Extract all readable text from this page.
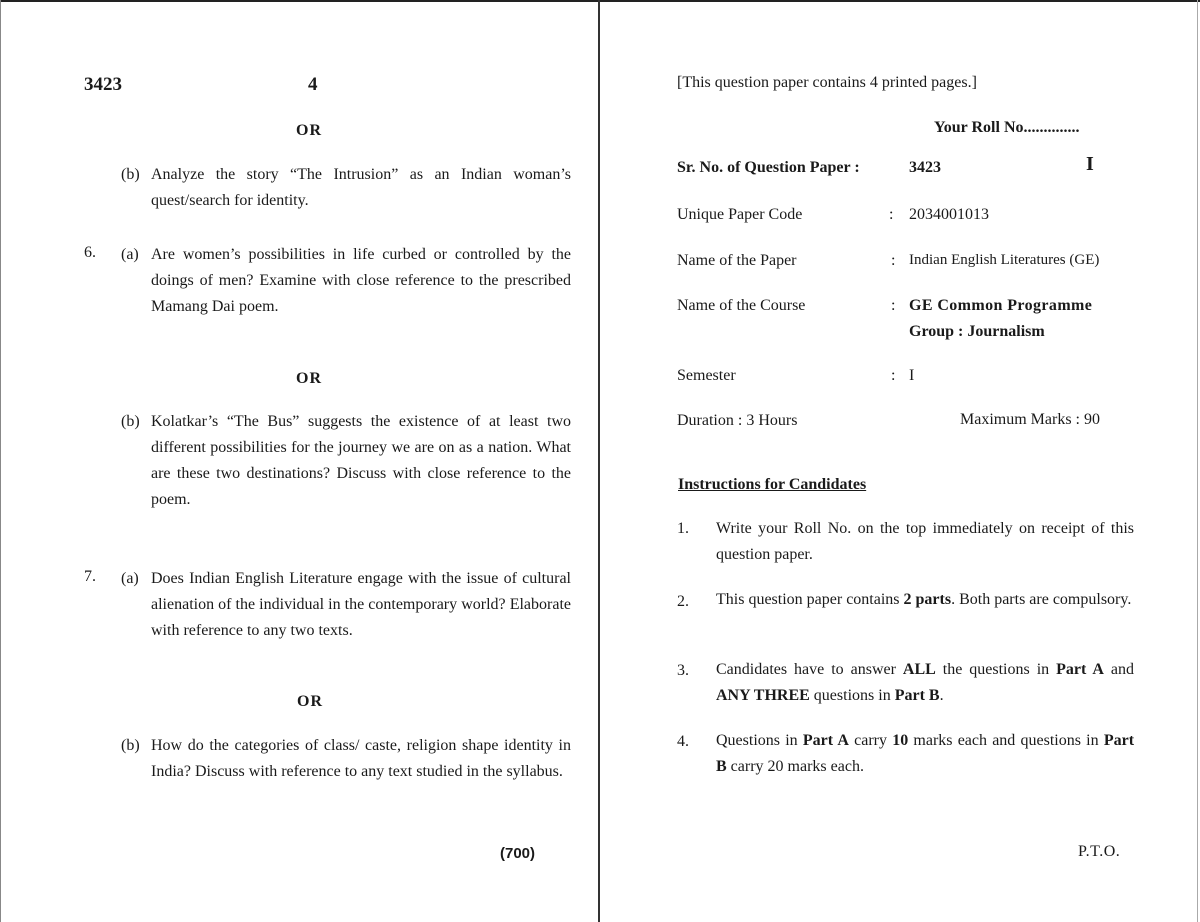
3423	4
OR
(b) Analyze the story “The Intrusion” as an Indian woman’s quest/search for identity.
6. (a) Are women’s possibilities in life curbed or controlled by the doings of men? Examine with close reference to the prescribed Mamang Dai poem.
OR
(b) Kolatkar’s “The Bus” suggests the existence of at least two different possibilities for the journey we are on as a nation. What are these two destinations? Discuss with close reference to the poem.
7. (a) Does Indian English Literature engage with the issue of cultural alienation of the individual in the contemporary world? Elaborate with reference to any two texts.
OR
(b) How do the categories of class/ caste, religion shape identity in India? Discuss with reference to any text studied in the syllabus.
(700)
[This question paper contains 4 printed pages.]
Your Roll No..............
Sr. No. of Question Paper :	3423	I
Unique Paper Code	: 2034001013
Name of the Paper	: Indian English Literatures (GE)
Name of the Course	: GE Common Programme
Group : Journalism
Semester	: I
Duration : 3 Hours	Maximum Marks : 90
Instructions for Candidates
1. Write your Roll No. on the top immediately on receipt of this question paper.
2. This question paper contains 2 parts. Both parts are compulsory.
3. Candidates have to answer ALL the questions in Part A and ANY THREE questions in Part B.
4. Questions in Part A carry 10 marks each and questions in Part B carry 20 marks each.
P.T.O.
